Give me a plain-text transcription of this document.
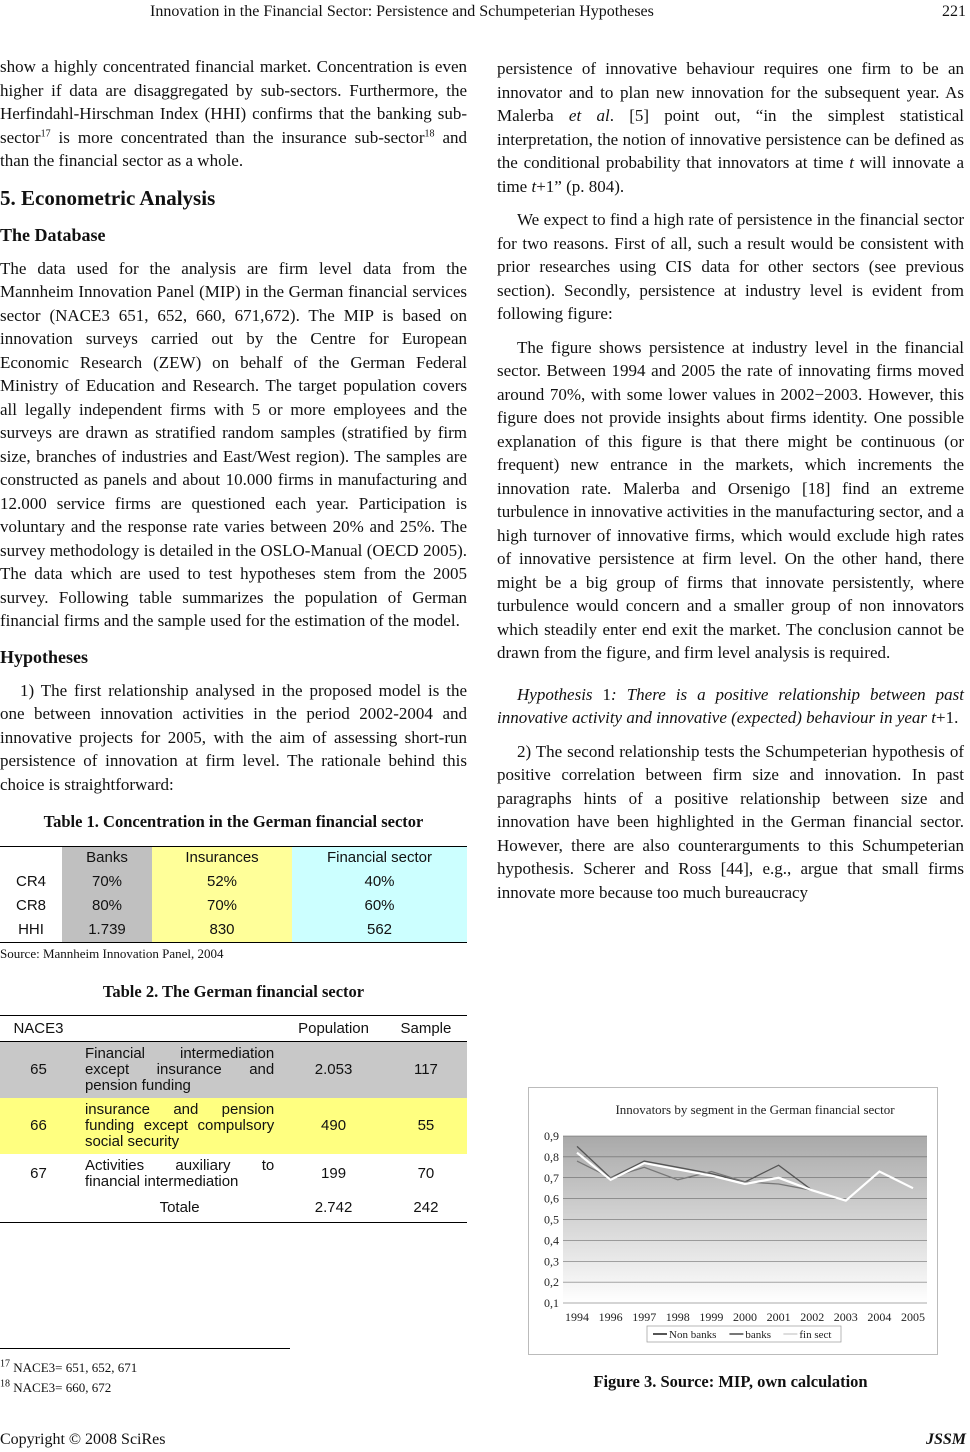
Innovation in the Financial Sector: Persistence and Schumpeterian Hypotheses	221

show a highly concentrated financial market. Concentration is even higher if data are disaggregated by sub-sectors. Furthermore, the Herfindahl-Hirschman Index (HHI) confirms that the banking sub-sector$^{17}$ is more concentrated than the insurance sub-sector$^{18}$ and than the financial sector as a whole.

5. Econometric Analysis
The Database

The data used for the analysis are firm level data from the Mannheim Innovation Panel (MIP) in the German financial services sector (NACE3 651, 652, 660, 671,672). The MIP is based on innovation surveys carried out by the Centre for European Economic Research (ZEW) on behalf of the German Federal Ministry of Education and Research. The target population covers all legally independent firms with 5 or more employees and the surveys are drawn as stratified random samples (stratified by firm size, branches of industries and East/West region). The samples are constructed as panels and about 10.000 firms in manufacturing and 12.000 service firms are questioned each year. Participation is voluntary and the response rate varies between 20% and 25%. The survey methodology is detailed in the OSLO-Manual (OECD 2005). The data which are used to test hypotheses stem from the 2005 survey. Following table summarizes the population of German financial firms and the sample used for the estimation of the model.

Hypotheses

1) The first relationship analysed in the proposed model is the one between innovation activities in the period 2002-2004 and innovative projects for 2005, with the aim of assessing short-run persistence of innovation at firm level. The rationale behind this choice is straightforward:

Table 1. Concentration in the German financial sector
	Banks	Insurances	Financial sector
CR4	70%	52%	40%
CR8	80%	70%	60%
HHI	1.739	830	562
Source: Mannheim Innovation Panel, 2004
Table 2. The German financial sector
NACE3		Population	Sample
65	Financial intermediation except insurance and pension funding	2.053	117
66	insurance and pension funding except compulsory social security	490	55
67	Activities auxiliary to financial intermediation	199	70
	Totale	2.742	242
$^{17}$ NACE3= 651, 652, 671
$^{18}$ NACE3= 660, 672

persistence of innovative behaviour requires one firm to be an innovator and to plan new innovation for the subsequent year. As Malerba et al. [5] point out, “in the simplest statistical interpretation, the notion of innovative persistence can be defined as the conditional probability that innovators at time t will innovate a time t+1” (p. 804).

We expect to find a high rate of persistence in the financial sector for two reasons. First of all, such a result would be consistent with prior researches using CIS data for other sectors (see previous section). Secondly, persistence at industry level is evident from following figure:

The figure shows persistence at industry level in the financial sector. Between 1994 and 2005 the rate of innovating firms moved around 70%, with some lower values in 2002−2003. However, this figure does not provide insights about firms identity. One possible explanation of this figure is that there might be continuous (or frequent) new entrance in the markets, which increments the innovation rate. Malerba and Orsenigo [18] find an extreme turbulence in innovative activities in the manufacturing sector, and a high turnover of innovative firms, which would exclude high rates of innovative persistence at firm level. On the other hand, there might be a big group of firms that innovate persistently, where turbulence would concern and a smaller group of non innovators which steadily enter end exit the market. The conclusion cannot be drawn from the figure, and firm level analysis is required.

Hypothesis 1: There is a positive relationship between past innovative activity and innovative (expected) behaviour in year t+1.

2) The second relationship tests the Schumpeterian hypothesis of positive correlation between firm size and innovation. In past paragraphs hints of a positive relationship between size and innovation have been highlighted in the German financial sector. However, there are also counterarguments to this Schumpeterian hypothesis. Scherer and Ross [44], e.g., argue that small firms innovate more because too much bureaucracy

Innovators by segment in the German financial sector
0,1
0,2
0,3
0,4
0,5
0,6
0,7
0,8
0,9
1994 1996 1997 1998 1999 2000 2001 2002 2003 2004 2005
Non banks	banks	fin sect
Figure 3. Source: MIP, own calculation
Copyright © 2008 SciRes	JSSM
